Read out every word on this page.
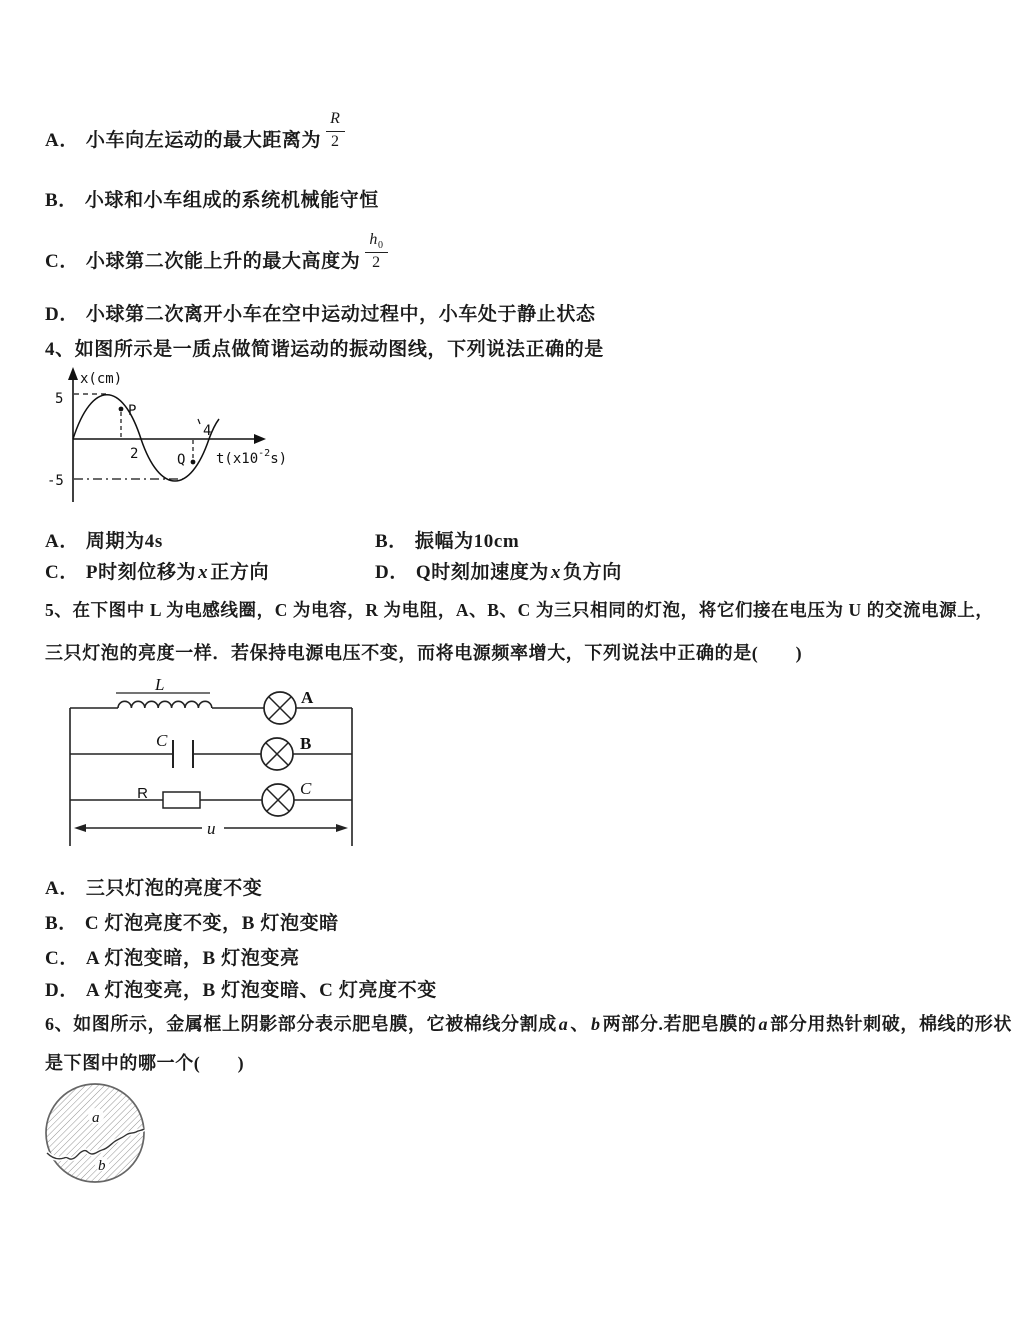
A． 小车向左运动的最大距离为 $\frac{R}{2}$
B． 小球和小车组成的系统机械能守恒
C． 小球第二次能上升的最大高度为 $\frac{h_0}{2}$
D． 小球第二次离开小车在空中运动过程中，小车处于静止状态
4、如图所示是一质点做简谐运动的振动图线，下列说法正确的是
x(cm)
5
-5
2
4
P
Q $t(x10^{-2}s)$
A． 周期为4s	B． 振幅为10cm
C． P时刻位移为 x 正方向	D． Q时刻加速度为 x 负方向
5、在下图中 L 为电感线圈，C 为电容，R 为电阻，A、B、C 为三只相同的灯泡，将它们接在电压为 U 的交流电源上，
三只灯泡的亮度一样．若保持电源电压不变，而将电源频率增大，下列说法中正确的是(　　)
L
A
C	B
R	C
u
A． 三只灯泡的亮度不变
B． C 灯泡亮度不变，B 灯泡变暗
C． A 灯泡变暗，B 灯泡变亮
D． A 灯泡变亮，B 灯泡变暗、C 灯亮度不变
6、如图所示，金属框上阴影部分表示肥皂膜，它被棉线分割成 a 、 b 两部分.若肥皂膜的 a 部分用热针刺破，棉线的形状
是下图中的哪一个(　　)
a
b
